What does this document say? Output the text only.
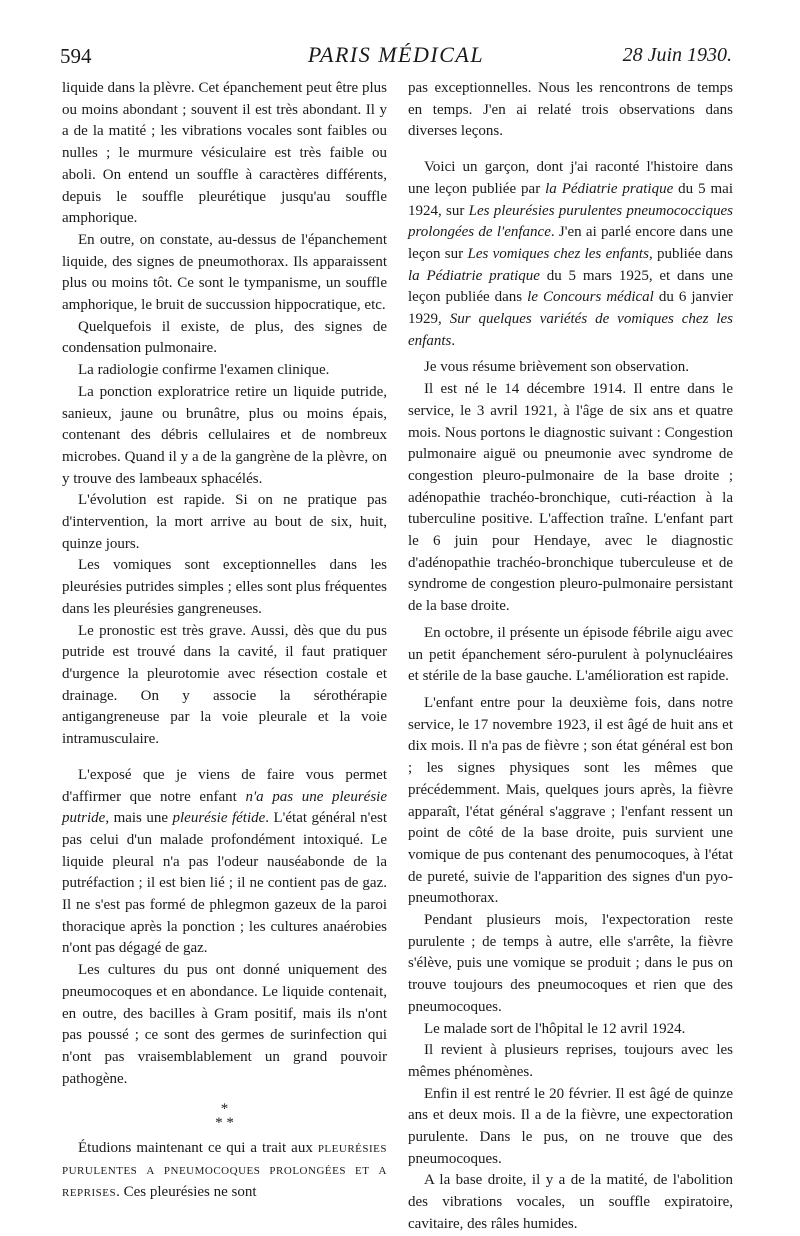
594	PARIS MÉDICAL	28 Juin 1930.

liquide dans la plèvre. Cet épanchement peut être plus ou moins abondant ; souvent il est très abondant. Il y a de la matité ; les vibrations vocales sont faibles ou nulles ; le murmure vésiculaire est très faible ou aboli. On entend un souffle à caractères différents, depuis le souffle pleurétique jusqu'au souffle amphorique.

En outre, on constate, au-dessus de l'épanchement liquide, des signes de pneumothorax. Ils apparaissent plus ou moins tôt. Ce sont le tympanisme, un souffle amphorique, le bruit de succussion hippocratique, etc.

Quelquefois il existe, de plus, des signes de condensation pulmonaire.

La radiologie confirme l'examen clinique.

La ponction exploratrice retire un liquide putride, sanieux, jaune ou brunâtre, plus ou moins épais, contenant des débris cellulaires et de nombreux microbes. Quand il y a de la gangrène de la plèvre, on y trouve des lambeaux sphacélés.

L'évolution est rapide. Si on ne pratique pas d'intervention, la mort arrive au bout de six, huit, quinze jours.

Les vomiques sont exceptionnelles dans les pleurésies putrides simples ; elles sont plus fréquentes dans les pleurésies gangreneuses.

Le pronostic est très grave. Aussi, dès que du pus putride est trouvé dans la cavité, il faut pratiquer d'urgence la pleurotomie avec résection costale et drainage. On y associe la sérothérapie antigangreneuse par la voie pleurale et la voie intramusculaire.

L'exposé que je viens de faire vous permet d'affirmer que notre enfant n'a pas une pleurésie putride, mais une pleurésie fétide. L'état général n'est pas celui d'un malade profondément intoxiqué. Le liquide pleural n'a pas l'odeur nauséabonde de la putréfaction ; il est bien lié ; il ne contient pas de gaz. Il ne s'est pas formé de phlegmon gazeux de la paroi thoracique après la ponction ; les cultures anaérobies n'ont pas dégagé de gaz.

Les cultures du pus ont donné uniquement des pneumocoques et en abondance. Le liquide contenait, en outre, des bacilles à Gram positif, mais ils n'ont pas poussé ; ce sont des germes de surinfection qui n'ont pas vraisemblablement un grand pouvoir pathogène.

*
* *

Étudions maintenant ce qui a trait aux pleurésies purulentes a pneumocoques prolongées et a reprises. Ces pleurésies ne sont

pas exceptionnelles. Nous les rencontrons de temps en temps. J'en ai relaté trois observations dans diverses leçons.

Voici un garçon, dont j'ai raconté l'histoire dans une leçon publiée par la Pédiatrie pratique du 5 mai 1924, sur Les pleurésies purulentes pneumococciques prolongées de l'enfance. J'en ai parlé encore dans une leçon sur Les vomiques chez les enfants, publiée dans la Pédiatrie pratique du 5 mars 1925, et dans une leçon publiée dans le Concours médical du 6 janvier 1929, Sur quelques variétés de vomiques chez les enfants.

Je vous résume brièvement son observation.

Il est né le 14 décembre 1914. Il entre dans le service, le 3 avril 1921, à l'âge de six ans et quatre mois. Nous portons le diagnostic suivant : Congestion pulmonaire aiguë ou pneumonie avec syndrome de congestion pleuro-pulmonaire de la base droite ; adénopathie trachéo-bronchique, cuti-réaction à la tuberculine positive. L'affection traîne. L'enfant part le 6 juin pour Hendaye, avec le diagnostic d'adénopathie trachéo-bronchique tuberculeuse et de syndrome de congestion pleuro-pulmonaire persistant de la base droite.

En octobre, il présente un épisode fébrile aigu avec un petit épanchement séro-purulent à polynucléaires et stérile de la base gauche. L'amélioration est rapide.

L'enfant entre pour la deuxième fois, dans notre service, le 17 novembre 1923, il est âgé de huit ans et dix mois. Il n'a pas de fièvre ; son état général est bon ; les signes physiques sont les mêmes que précédemment. Mais, quelques jours après, la fièvre apparaît, l'état général s'aggrave ; l'enfant ressent un point de côté de la base droite, puis survient une vomique de pus contenant des penumocoques, à l'état de pureté, suivie de l'apparition des signes d'un pyo-pneumothorax.

Pendant plusieurs mois, l'expectoration reste purulente ; de temps à autre, elle s'arrête, la fièvre s'élève, puis une vomique se produit ; dans le pus on trouve toujours des pneumocoques et rien que des pneumocoques.

Le malade sort de l'hôpital le 12 avril 1924.

Il revient à plusieurs reprises, toujours avec les mêmes phénomènes.

Enfin il est rentré le 20 février. Il est âgé de quinze ans et deux mois. Il a de la fièvre, une expectoration purulente. Dans le pus, on ne trouve que des pneumocoques.

A la base droite, il y a de la matité, de l'abolition des vibrations vocales, un souffle expiratoire, cavitaire, des râles humides.
